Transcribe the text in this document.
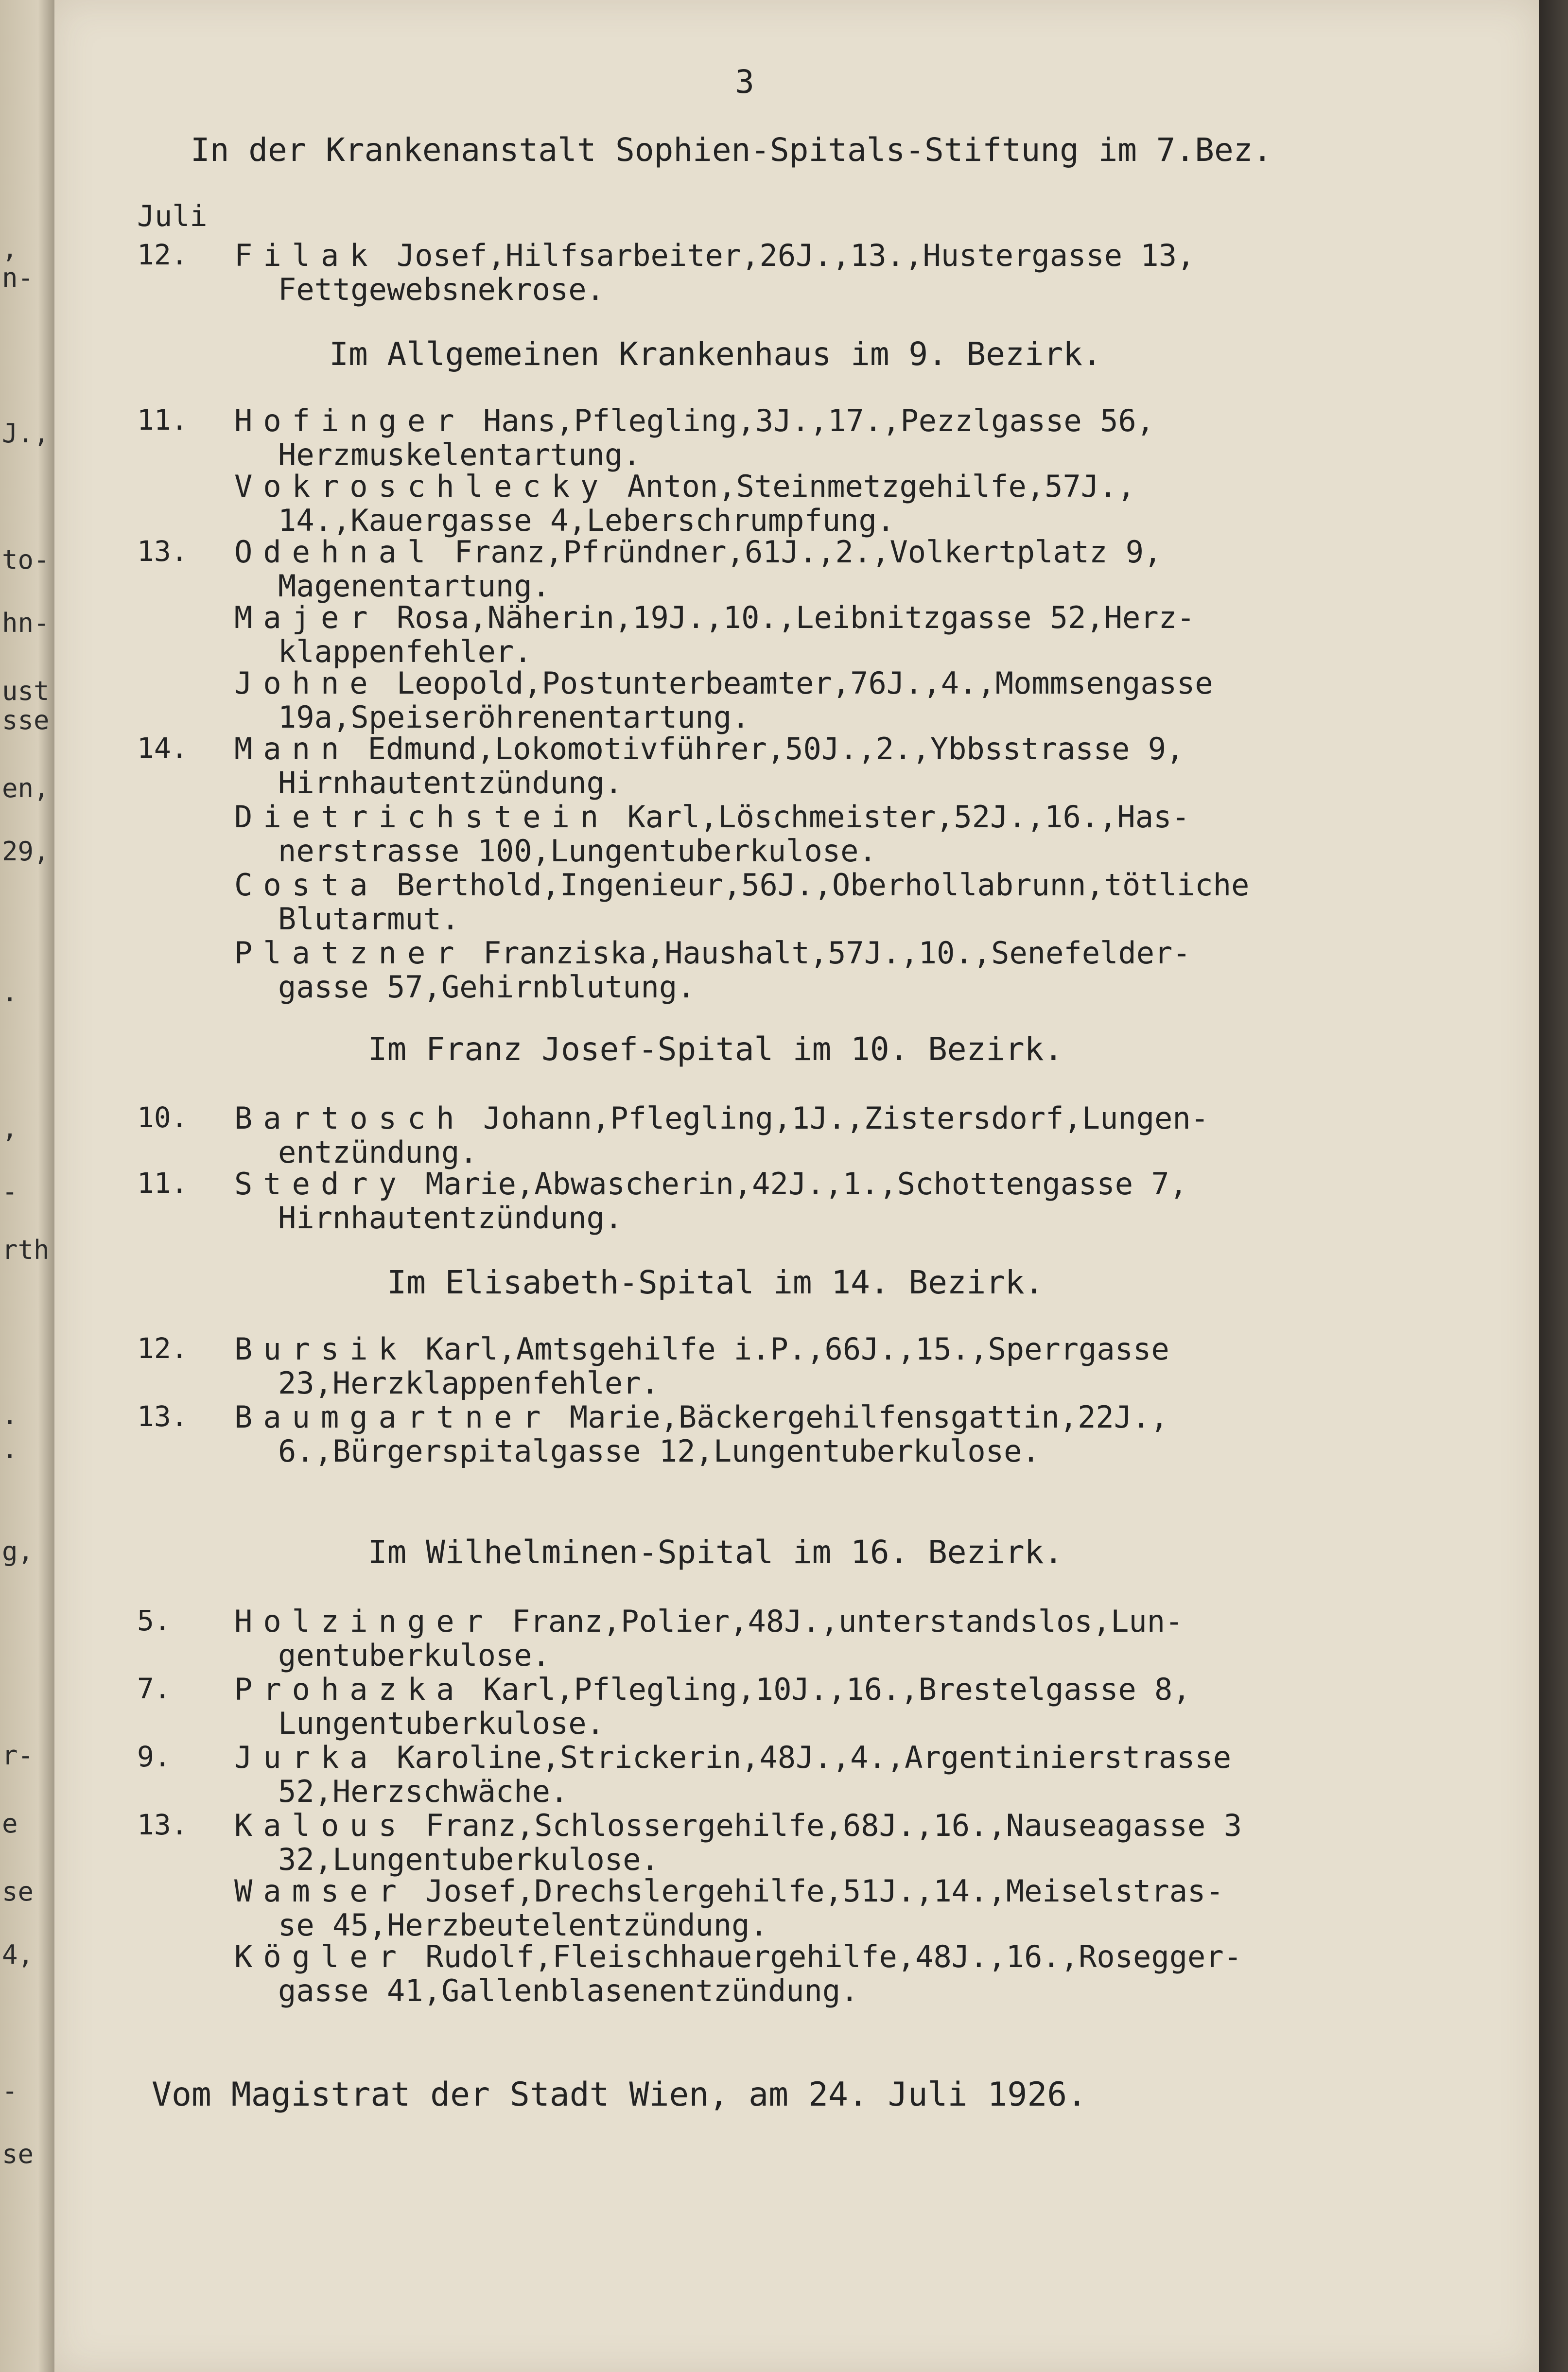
,
n-
J.,
to-
hn-
ust
sse
en,
29,
.
,
-
rth
.
.
g,
r-
e
se
4,
-
se
3
In der Krankenanstalt Sophien-Spitals-Stiftung im 7.Bez.
Juli
12. Filak Josef,Hilfsarbeiter,26J.,13.,Hustergasse 13,
Fettgewebsnekrose.
Im Allgemeinen Krankenhaus im 9. Bezirk.
11. Hofinger Hans,Pflegling,3J.,17.,Pezzlgasse 56,
Herzmuskelentartung.
Vokroschlecky Anton,Steinmetzgehilfe,57J.,
14.,Kauergasse 4,Leberschrumpfung.
13. Odehnal Franz,Pfründner,61J.,2.,Volkertplatz 9,
Magenentartung.
Majer Rosa,Näherin,19J.,10.,Leibnitzgasse 52,Herz-
klappenfehler.
Johne Leopold,Postunterbeamter,76J.,4.,Mommsengasse
19a,Speiseröhrenentartung.
14. Mann Edmund,Lokomotivführer,50J.,2.,Ybbsstrasse 9,
Hirnhautentzündung.
Dietrichstein Karl,Löschmeister,52J.,16.,Has-
nerstrasse 100,Lungentuberkulose.
Costa Berthold,Ingenieur,56J.,Oberhollabrunn,tötliche
Blutarmut.
Platzner Franziska,Haushalt,57J.,10.,Senefelder-
gasse 57,Gehirnblutung.
Im Franz Josef-Spital im 10. Bezirk.
10. Bartosch Johann,Pflegling,1J.,Zistersdorf,Lungen-
entzündung.
11. Stedry Marie,Abwascherin,42J.,1.,Schottengasse 7,
Hirnhautentzündung.
Im Elisabeth-Spital im 14. Bezirk.
12. Bursik Karl,Amtsgehilfe i.P.,66J.,15.,Sperrgasse
23,Herzklappenfehler.
13. Baumgartner Marie,Bäckergehilfensgattin,22J.,
6.,Bürgerspitalgasse 12,Lungentuberkulose.
Im Wilhelminen-Spital im 16. Bezirk.
5.	Holzinger Franz,Polier,48J.,unterstandslos,Lun-
gentuberkulose.
7.	Prohazka Karl,Pflegling,10J.,16.,Brestelgasse 8,
Lungentuberkulose.
9.	Jurka Karoline,Strickerin,48J.,4.,Argentinierstrasse
52,Herzschwäche.
13. Kalous Franz,Schlossergehilfe,68J.,16.,Nauseagasse 3
32,Lungentuberkulose.
Wamser Josef,Drechslergehilfe,51J.,14.,Meiselstras-
se 45,Herzbeutelentzündung.
Kögler Rudolf,Fleischhauergehilfe,48J.,16.,Rosegger-
gasse 41,Gallenblasenentzündung.
Vom Magistrat der Stadt Wien, am 24. Juli 1926.
